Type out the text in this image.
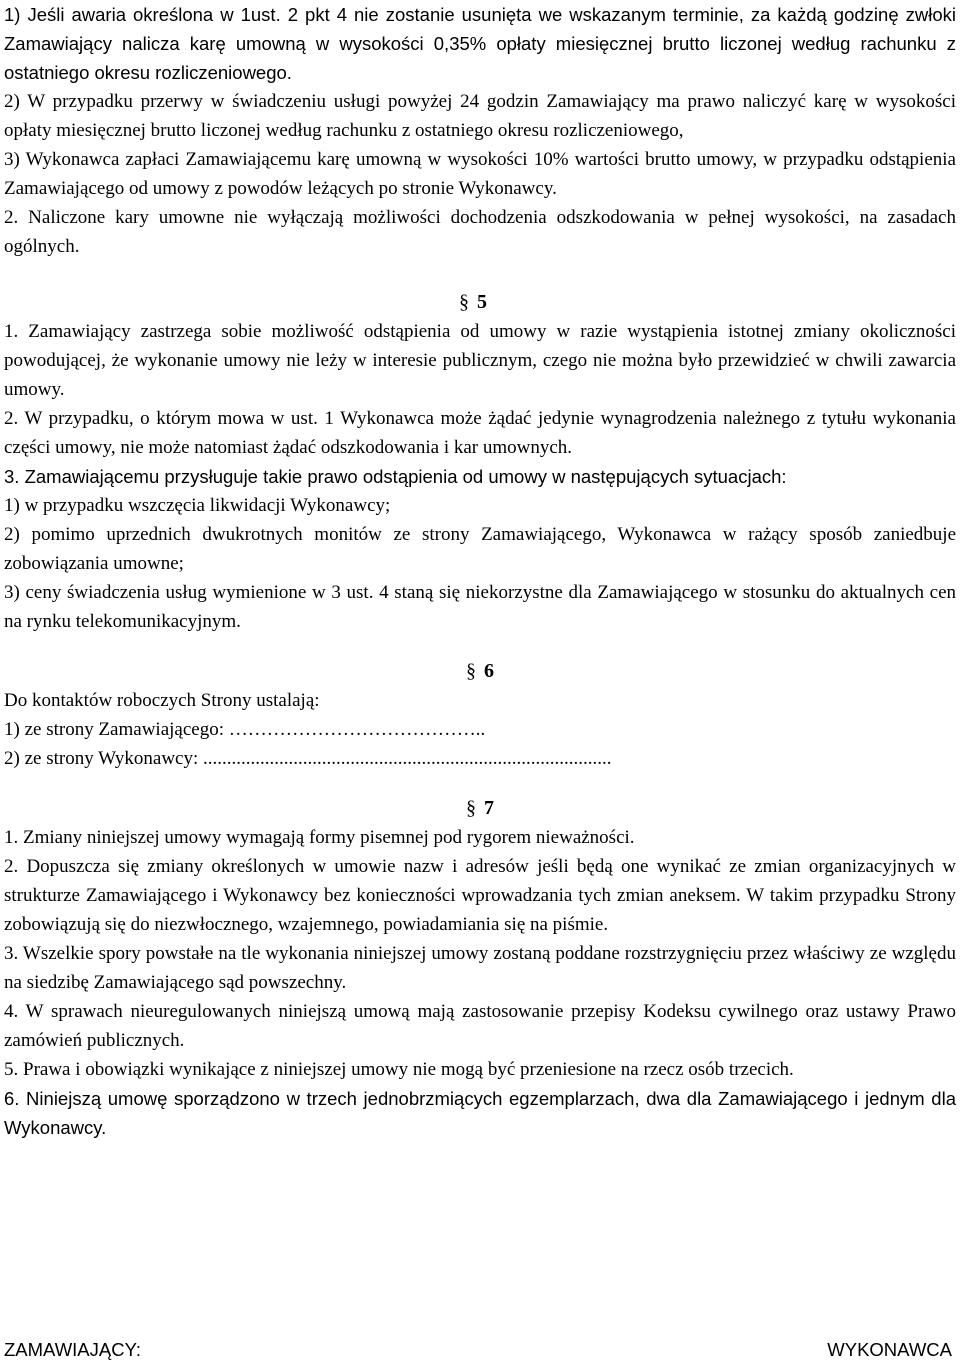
1) Jeśli awaria określona w 1ust. 2 pkt 4 nie zostanie usunięta we wskazanym terminie, za każdą godzinę zwłoki Zamawiający nalicza karę umowną w wysokości 0,35% opłaty miesięcznej brutto liczonej według rachunku z ostatniego okresu rozliczeniowego.

2) W przypadku przerwy w świadczeniu usługi powyżej 24 godzin Zamawiający ma prawo naliczyć karę w wysokości opłaty miesięcznej brutto liczonej według rachunku z ostatniego okresu rozliczeniowego,

3) Wykonawca zapłaci Zamawiającemu karę umowną w wysokości 10% wartości brutto umowy, w przypadku odstąpienia Zamawiającego od umowy z powodów leżących po stronie Wykonawcy.

2. Naliczone kary umowne nie wyłączają możliwości dochodzenia odszkodowania w pełnej wysokości, na zasadach ogólnych.

§ 5

1. Zamawiający zastrzega sobie możliwość odstąpienia od umowy w razie wystąpienia istotnej zmiany okoliczności powodującej, że wykonanie umowy nie leży w interesie publicznym, czego nie można było przewidzieć w chwili zawarcia umowy.

2. W przypadku, o którym mowa w ust. 1 Wykonawca może żądać jedynie wynagrodzenia należnego z tytułu wykonania części umowy, nie może natomiast żądać odszkodowania i kar umownych.

3. Zamawiającemu przysługuje takie prawo odstąpienia od umowy w następujących sytuacjach:

1) w przypadku wszczęcia likwidacji Wykonawcy;

2) pomimo uprzednich dwukrotnych monitów ze strony Zamawiającego, Wykonawca w rażący sposób zaniedbuje zobowiązania umowne;

3) ceny świadczenia usług wymienione w 3 ust. 4 staną się niekorzystne dla Zamawiającego w stosunku do aktualnych cen na rynku telekomunikacyjnym.

§ 6

Do kontaktów roboczych Strony ustalają:

1) ze strony Zamawiającego: …………………………………..

2) ze strony Wykonawcy: ......................................................................................

§ 7

1. Zmiany niniejszej umowy wymagają formy pisemnej pod rygorem nieważności.

2. Dopuszcza się zmiany określonych w umowie nazw i adresów jeśli będą one wynikać ze zmian organizacyjnych w strukturze Zamawiającego i Wykonawcy bez konieczności wprowadzania tych zmian aneksem. W takim przypadku Strony zobowiązują się do niezwłocznego, wzajemnego, powiadamiania się na piśmie.

3. Wszelkie spory powstałe na tle wykonania niniejszej umowy zostaną poddane rozstrzygnięciu przez właściwy ze względu na siedzibę Zamawiającego sąd powszechny.

4. W sprawach nieuregulowanych niniejszą umową mają zastosowanie przepisy Kodeksu cywilnego oraz ustawy Prawo zamówień publicznych.

5. Prawa i obowiązki wynikające z niniejszej umowy nie mogą być przeniesione na rzecz osób trzecich.

6. Niniejszą umowę sporządzono w trzech jednobrzmiących egzemplarzach, dwa dla Zamawiającego i jednym dla Wykonawcy.

ZAMAWIAJĄCY:	WYKONAWCA
